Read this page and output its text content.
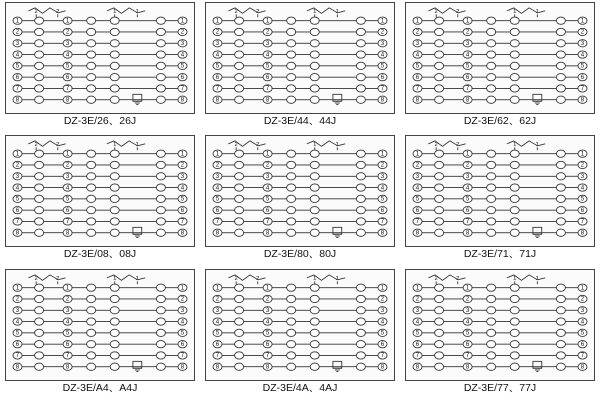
2	2	1	1
1	1	1
2	2	2
3	3	3
4	4	4
5	5	5
6	6	6
7	7	7
8	8	8
DZ-3E/26、26J
2	2	1	1
1	1	1
2	2	2
3	3	3
4	4	4
5	5	5
6	6	6
7	7	7
8	8	8
DZ-3E/44、44J
2	2	1	1
1	1	1
2	2	2
3	3	3
4	4	4
5	5	5
6	6	6
7	7	7
8	8	8
DZ-3E/62、62J
2	2	1	1
1	1	1
2	2	2
3	3	3
4	4	4
5	5	5
6	6	6
7	7	7
8	8	8
DZ-3E/08、08J
2	2	1	1
1	1	1
2	2	2
3	3	3
4	4	4
5	5	5
6	6	6
7	7	7
8	8	8
DZ-3E/80、80J
2	2	1	1
1	1	1
2	2	2
3	3	3
4	4	4
5	5	5
6	6	6
7	7	7
8	8	8
DZ-3E/71、71J
2	2	1	1
1	1	1
2	2	2
3	3	3
4	4	4
5	5	5
6	6	6
7	7	7
8	8	8
DZ-3E/A4、A4J
2	2	1	1
1	1	1
2	2	2
3	3	3
4	4	4
5	5	5
6	6	6
7	7	7
8	8	8
DZ-3E/4A、4AJ
2	2	1	1
1	1	1
2	2	2
3	3	3
4	4	4
5	5	5
6	6	6
7	7	7
8	8	8
DZ-3E/77、77J
